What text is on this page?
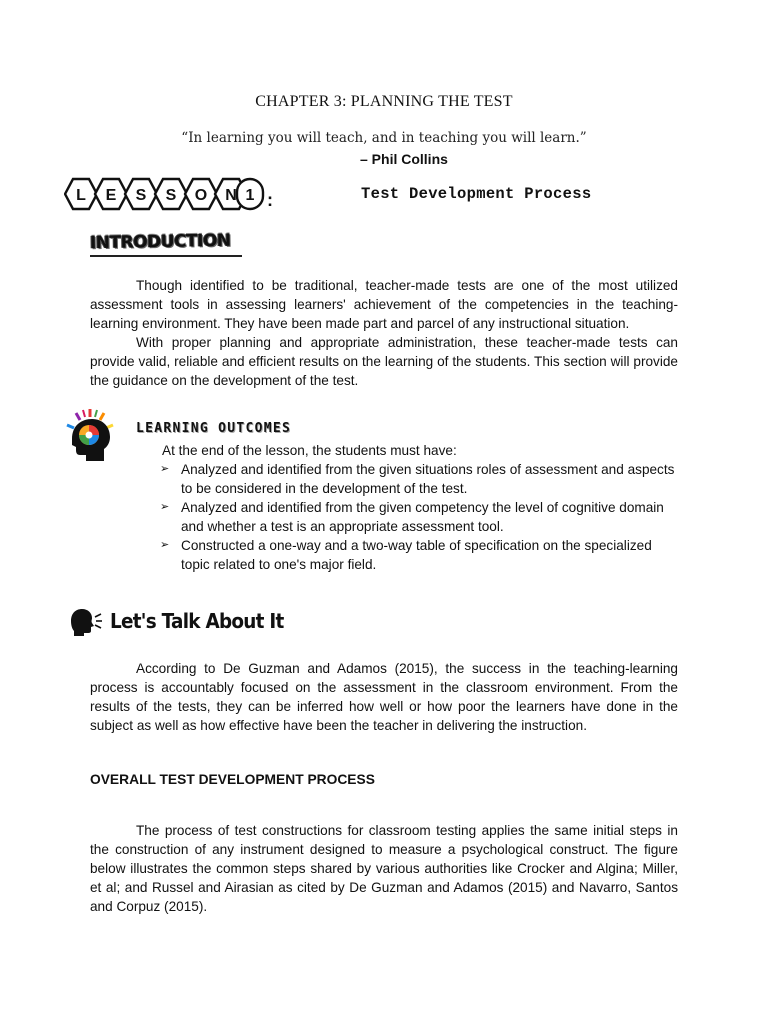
CHAPTER 3: PLANNING THE TEST
“In learning you will teach, and in teaching you will learn.”
– Phil Collins
L E S S O N 1 :	Test Development Process
INTRODUCTION
Though identified to be traditional, teacher-made tests are one of the most utilized assessment tools in assessing learners' achievement of the competencies in the teaching-learning environment. They have been made part and parcel of any instructional situation.
With proper planning and appropriate administration, these teacher-made tests can provide valid, reliable and efficient results on the learning of the students. This section will provide the guidance on the development of the test.
LEARNING OUTCOMES
At the end of the lesson, the students must have:
➢ Analyzed and identified from the given situations roles of assessment and aspects to be considered in the development of the test.
➢ Analyzed and identified from the given competency the level of cognitive domain and whether a test is an appropriate assessment tool.
➢ Constructed a one-way and a two-way table of specification on the specialized topic related to one's major field.
Let's Talk About It
According to De Guzman and Adamos (2015), the success in the teaching-learning process is accountably focused on the assessment in the classroom environment. From the results of the tests, they can be inferred how well or how poor the learners have done in the subject as well as how effective have been the teacher in delivering the instruction.
OVERALL TEST DEVELOPMENT PROCESS
The process of test constructions for classroom testing applies the same initial steps in the construction of any instrument designed to measure a psychological construct. The figure below illustrates the common steps shared by various authorities like Crocker and Algina; Miller, et al; and Russel and Airasian as cited by De Guzman and Adamos (2015) and Navarro, Santos and Corpuz (2015).
